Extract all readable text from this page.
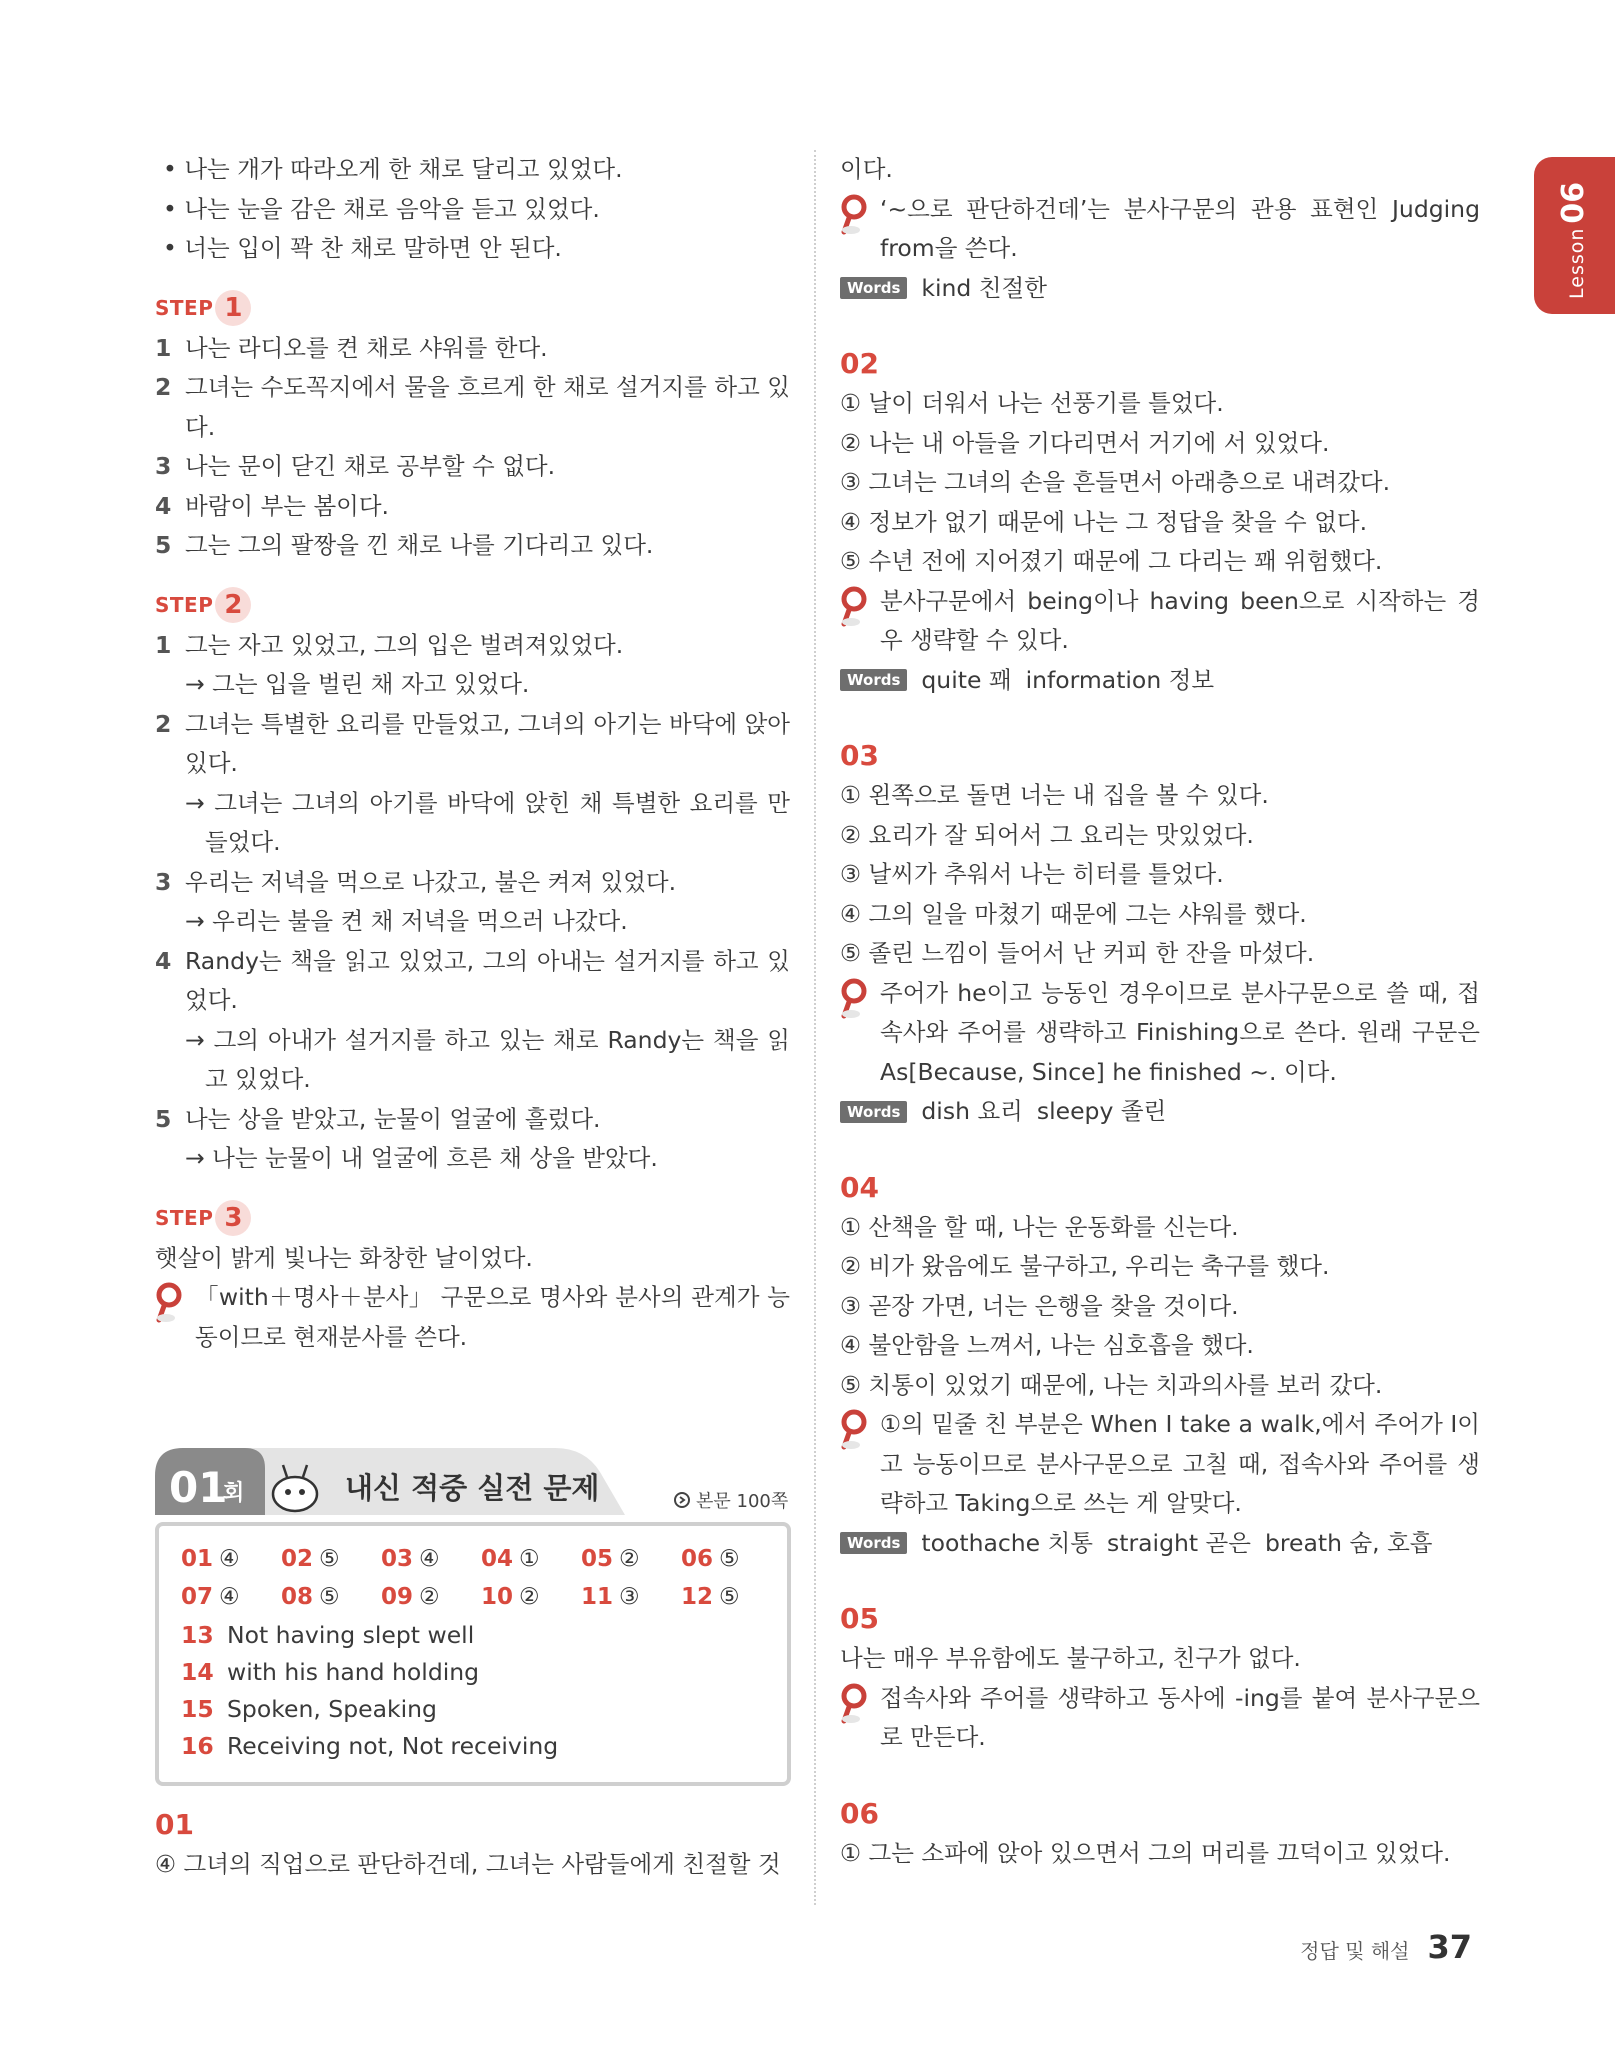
Lesson06
• 나는 개가 따라오게 한 채로 달리고 있었다.
• 나는 눈을 감은 채로 음악을 듣고 있었다.
• 너는 입이 꽉 찬 채로 말하면 안 된다.
STEP 1
1 나는 라디오를 켠 채로 샤워를 한다.
2 그녀는 수도꼭지에서 물을 흐르게 한 채로 설거지를 하고 있다.
3 나는 문이 닫긴 채로 공부할 수 없다.
4 바람이 부는 봄이다.
5 그는 그의 팔짱을 낀 채로 나를 기다리고 있다.
STEP 2
1 그는 자고 있었고, 그의 입은 벌려져있었다.
→ 그는 입을 벌린 채 자고 있었다.
2 그녀는 특별한 요리를 만들었고, 그녀의 아기는 바닥에 앉아 있다.
→ 그녀는 그녀의 아기를 바닥에 앉힌 채 특별한 요리를 만들었다.
3 우리는 저녁을 먹으로 나갔고, 불은 켜져 있었다.
→ 우리는 불을 켠 채 저녁을 먹으러 나갔다.
4 Randy는 책을 읽고 있었고, 그의 아내는 설거지를 하고 있었다.
→ 그의 아내가 설거지를 하고 있는 채로 Randy는 책을 읽고 있었다.
5 나는 상을 받았고, 눈물이 얼굴에 흘렀다.
→ 나는 눈물이 내 얼굴에 흐른 채 상을 받았다.
STEP 3
햇살이 밝게 빛나는 화창한 날이었다.
「with＋명사＋분사」 구문으로 명사와 분사의 관계가 능동이므로 현재분사를 쓴다.
01
회	내신 적중 실전 문제	본문 100쪽
01 ④	02 ⑤	03 ④	04 ①	05 ②	06 ⑤
07 ④	08 ⑤	09 ②	10 ②	11 ③	12 ⑤
13 Not having slept well
14 with his hand holding
15 Spoken, Speaking
16 Receiving not, Not receiving
01
④ 그녀의 직업으로 판단하건데, 그녀는 사람들에게 친절할 것
이다.
‘~으로 판단하건데’는 분사구문의 관용 표현인 Judging from을 쓴다.
Words kind 친절한
02
① 날이 더워서 나는 선풍기를 틀었다.
② 나는 내 아들을 기다리면서 거기에 서 있었다.
③ 그녀는 그녀의 손을 흔들면서 아래층으로 내려갔다.
④ 정보가 없기 때문에 나는 그 정답을 찾을 수 없다.
⑤ 수년 전에 지어졌기 때문에 그 다리는 꽤 위험했다.
분사구문에서 being이나 having been으로 시작하는 경우 생략할 수 있다.
Words quite 꽤 information 정보
03
① 왼쪽으로 돌면 너는 내 집을 볼 수 있다.
② 요리가 잘 되어서 그 요리는 맛있었다.
③ 날씨가 추워서 나는 히터를 틀었다.
④ 그의 일을 마쳤기 때문에 그는 샤워를 했다.
⑤ 졸린 느낌이 들어서 난 커피 한 잔을 마셨다.
주어가 he이고 능동인 경우이므로 분사구문으로 쓸 때, 접속사와 주어를 생략하고 Finishing으로 쓴다. 원래 구문은 As[Because, Since] he finished ~. 이다.
Words dish 요리 sleepy 졸린
04
① 산책을 할 때, 나는 운동화를 신는다.
② 비가 왔음에도 불구하고, 우리는 축구를 했다.
③ 곧장 가면, 너는 은행을 찾을 것이다.
④ 불안함을 느껴서, 나는 심호흡을 했다.
⑤ 치통이 있었기 때문에, 나는 치과의사를 보러 갔다.
①의 밑줄 친 부분은 When I take a walk,에서 주어가 I이고 능동이므로 분사구문으로 고칠 때, 접속사와 주어를 생략하고 Taking으로 쓰는 게 알맞다.
Words toothache 치통 straight 곧은 breath 숨, 호흡
05
나는 매우 부유함에도 불구하고, 친구가 없다.
접속사와 주어를 생략하고 동사에 -ing를 붙여 분사구문으로 만든다.
06
① 그는 소파에 앉아 있으면서 그의 머리를 끄덕이고 있었다.
정답 및 해설 37
